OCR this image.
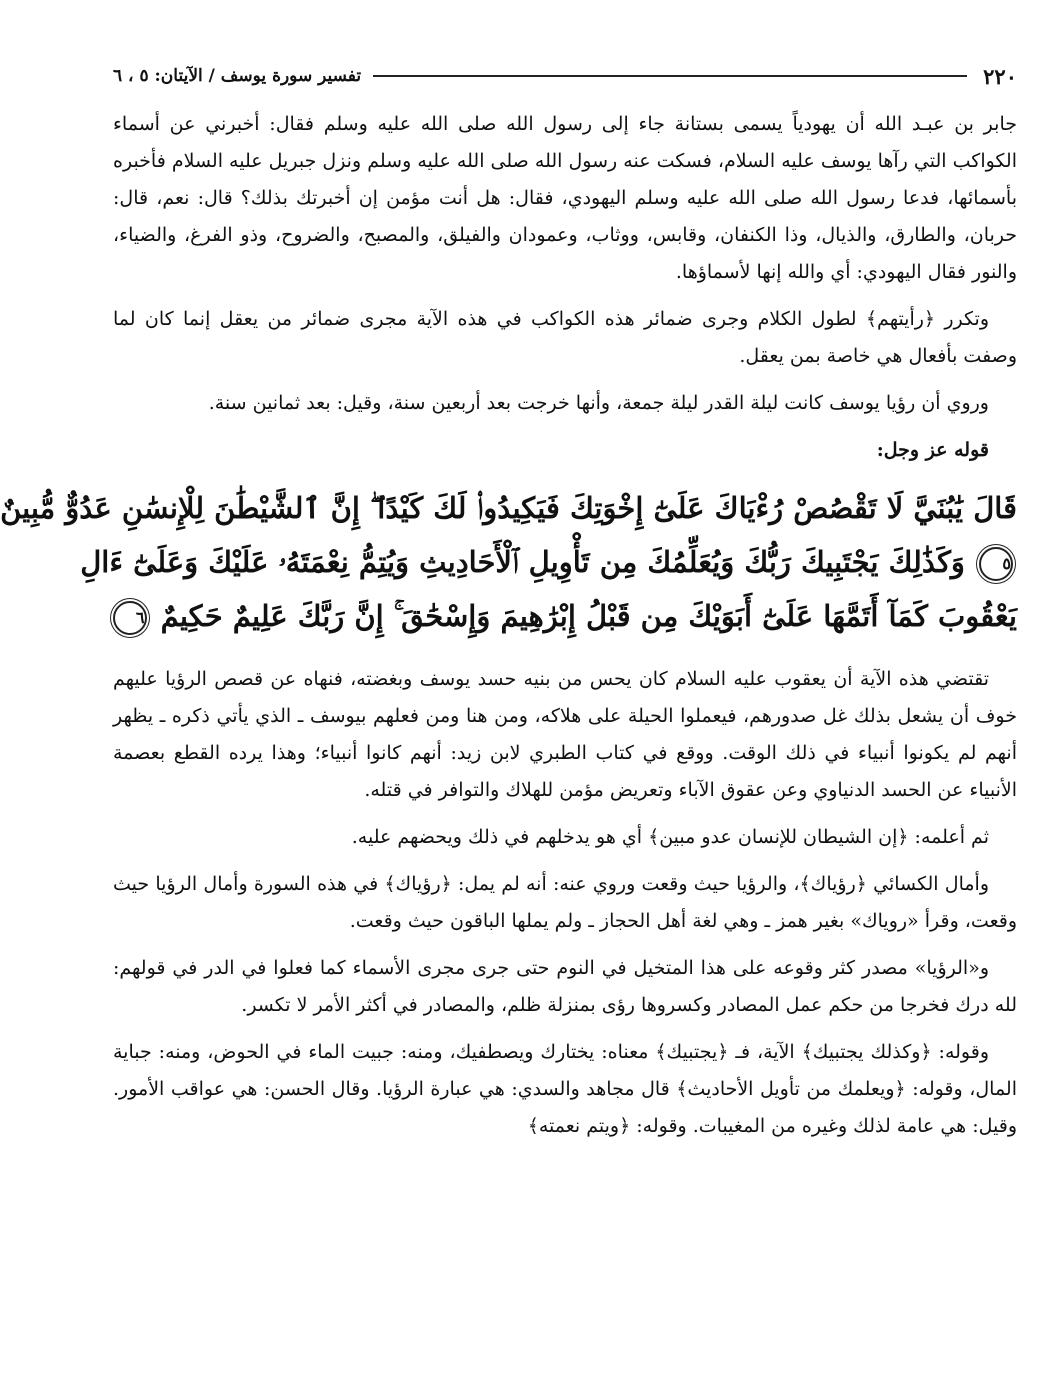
٢٢٠
تفسير سورة يوسف / الآيتان: ٥ ، ٦

جابر بن عبـد الله أن يهودياً يسمى بستانة جاء إلى رسول الله صلى الله عليه وسلم فقال: أخبرني عن أسماء الكواكب التي رآها يوسف عليه السلام، فسكت عنه رسول الله صلى الله عليه وسلم ونزل جبريل عليه السلام فأخبره بأسمائها، فدعا رسول الله صلى الله عليه وسلم اليهودي، فقال: هل أنت مؤمن إن أخبرتك بذلك؟ قال: نعم، قال: حربان، والطارق، والذيال، وذا الكنفان، وقابس، ووثاب، وعمودان والفيلق، والمصبح، والضروح، وذو الفرغ، والضياء، والنور فقال اليهودي: أي والله إنها لأسماؤها.

وتكرر ﴿رأيتهم﴾ لطول الكلام وجرى ضمائر هذه الكواكب في هذه الآية مجرى ضمائر من يعقل إنما كان لما وصفت بأفعال هي خاصة بمن يعقل.

وروي أن رؤيا يوسف كانت ليلة القدر ليلة جمعة، وأنها خرجت بعد أربعين سنة، وقيل: بعد ثمانين سنة.

قوله عز وجل:

قَالَ يَٰبُنَيَّ لَا تَقْصُصْ رُءْيَاكَ عَلَىٰٓ إِخْوَتِكَ فَيَكِيدُوا۟ لَكَ كَيْدًا ۖ إِنَّ ٱلشَّيْطَٰنَ لِلْإِنسَٰنِ عَدُوٌّ مُّبِينٌ
٥ وَكَذَٰلِكَ يَجْتَبِيكَ رَبُّكَ وَيُعَلِّمُكَ مِن تَأْوِيلِ ٱلْأَحَادِيثِ وَيُتِمُّ نِعْمَتَهُۥ عَلَيْكَ وَعَلَىٰٓ ءَالِ
يَعْقُوبَ كَمَآ أَتَمَّهَا عَلَىٰٓ أَبَوَيْكَ مِن قَبْلُ إِبْرَٰهِيمَ وَإِسْحَٰقَ ۚ إِنَّ رَبَّكَ عَلِيمٌ حَكِيمٌ ٦

تقتضي هذه الآية أن يعقوب عليه السلام كان يحس من بنيه حسد يوسف وبغضته، فنهاه عن قصص الرؤيا عليهم خوف أن يشعل بذلك غل صدورهم، فيعملوا الحيلة على هلاكه، ومن هنا ومن فعلهم بيوسف ـ الذي يأتي ذكره ـ يظهر أنهم لم يكونوا أنبياء في ذلك الوقت. ووقع في كتاب الطبري لابن زيد: أنهم كانوا أنبياء؛ وهذا يرده القطع بعصمة الأنبياء عن الحسد الدنياوي وعن عقوق الآباء وتعريض مؤمن للهلاك والتوافر في قتله.

ثم أعلمه: ﴿إن الشيطان للإنسان عدو مبين﴾ أي هو يدخلهم في ذلك ويحضهم عليه.

وأمال الكسائي ﴿رؤياك﴾، والرؤيا حيث وقعت وروي عنه: أنه لم يمل: ﴿رؤياك﴾ في هذه السورة وأمال الرؤيا حيث وقعت، وقرأ «روياك» بغير همز ـ وهي لغة أهل الحجاز ـ ولم يملها الباقون حيث وقعت.

و«الرؤيا» مصدر كثر وقوعه على هذا المتخيل في النوم حتى جرى مجرى الأسماء كما فعلوا في الدر في قولهم: لله درك فخرجا من حكم عمل المصادر وكسروها رؤى بمنزلة ظلم، والمصادر في أكثر الأمر لا تكسر.

وقوله: ﴿وكذلك يجتبيك﴾ الآية، فـ ﴿يجتبيك﴾ معناه: يختارك ويصطفيك، ومنه: جبيت الماء في الحوض، ومنه: جباية المال، وقوله: ﴿ويعلمك من تأويل الأحاديث﴾ قال مجاهد والسدي: هي عبارة الرؤيا. وقال الحسن: هي عواقب الأمور. وقيل: هي عامة لذلك وغيره من المغيبات. وقوله: ﴿ويتم نعمته﴾
